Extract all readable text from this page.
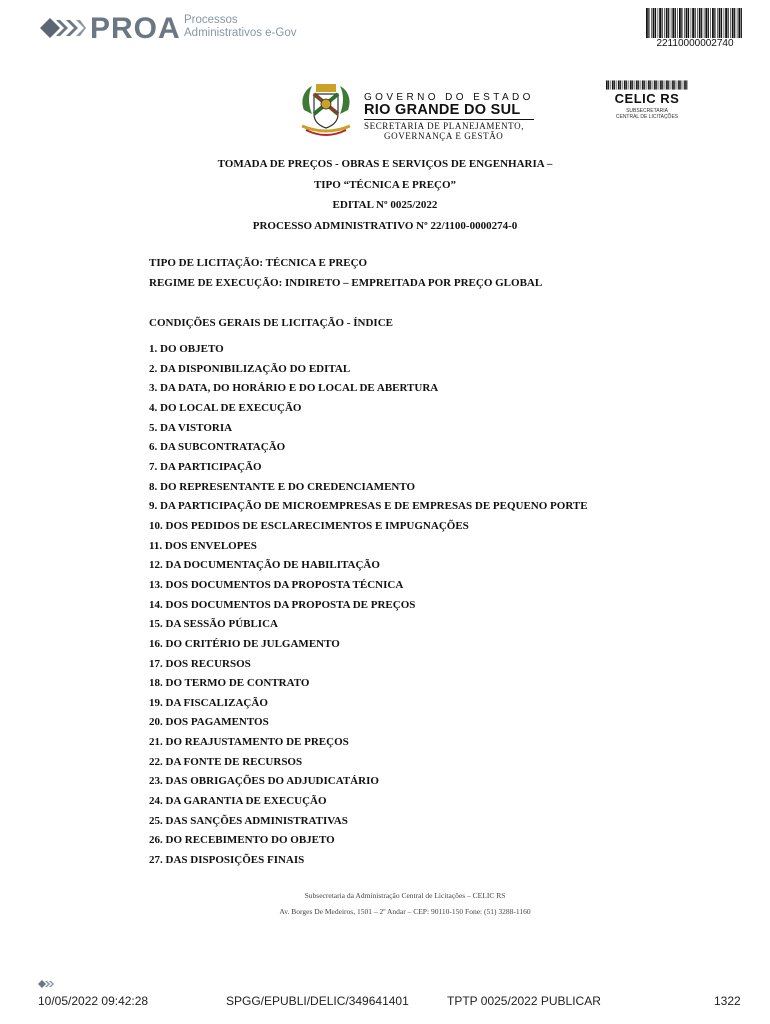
PROA Processos
Administrativos e-Gov
22110000002740
GOVERNO DO ESTADO
RIO GRANDE DO SUL
SECRETARIA DE PLANEJAMENTO,
GOVERNANÇA E GESTÃO
CELIC RS
SUBSECRETARIA
CENTRAL DE LICITAÇÕES
TOMADA DE PREÇOS - OBRAS E SERVIÇOS DE ENGENHARIA –
TIPO “TÉCNICA E PREÇO”
EDITAL Nº 0025/2022
PROCESSO ADMINISTRATIVO Nº 22/1100-0000274-0
TIPO DE LICITAÇÃO: TÉCNICA E PREÇO
REGIME DE EXECUÇÃO: INDIRETO – EMPREITADA POR PREÇO GLOBAL
CONDIÇÕES GERAIS DE LICITAÇÃO - ÍNDICE
1. DO OBJETO
2. DA DISPONIBILIZAÇÃO DO EDITAL
3. DA DATA, DO HORÁRIO E DO LOCAL DE ABERTURA
4. DO LOCAL DE EXECUÇÃO
5. DA VISTORIA
6. DA SUBCONTRATAÇÃO
7. DA PARTICIPAÇÃO
8. DO REPRESENTANTE E DO CREDENCIAMENTO
9. DA PARTICIPAÇÃO DE MICROEMPRESAS E DE EMPRESAS DE PEQUENO PORTE
10. DOS PEDIDOS DE ESCLARECIMENTOS E IMPUGNAÇÕES
11. DOS ENVELOPES
12. DA DOCUMENTAÇÃO DE HABILITAÇÃO
13. DOS DOCUMENTOS DA PROPOSTA TÉCNICA
14. DOS DOCUMENTOS DA PROPOSTA DE PREÇOS
15. DA SESSÃO PÚBLICA
16. DO CRITÉRIO DE JULGAMENTO
17. DOS RECURSOS
18. DO TERMO DE CONTRATO
19. DA FISCALIZAÇÃO
20. DOS PAGAMENTOS
21. DO REAJUSTAMENTO DE PREÇOS
22. DA FONTE DE RECURSOS
23. DAS OBRIGAÇÕES DO ADJUDICATÁRIO
24. DA GARANTIA DE EXECUÇÃO
25. DAS SANÇÕES ADMINISTRATIVAS
26. DO RECEBIMENTO DO OBJETO
27. DAS DISPOSIÇÕES FINAIS
Subsecretaria da Administração Central de Licitações – CELIC RS
Av. Borges De Medeiros, 1501 – 2º Andar – CEP: 90110-150 Fone: (51) 3288-1160
10/05/2022 09:42:28	SPGG/EPUBLI/DELIC/349641401	TPTP 0025/2022 PUBLICAR	1322
